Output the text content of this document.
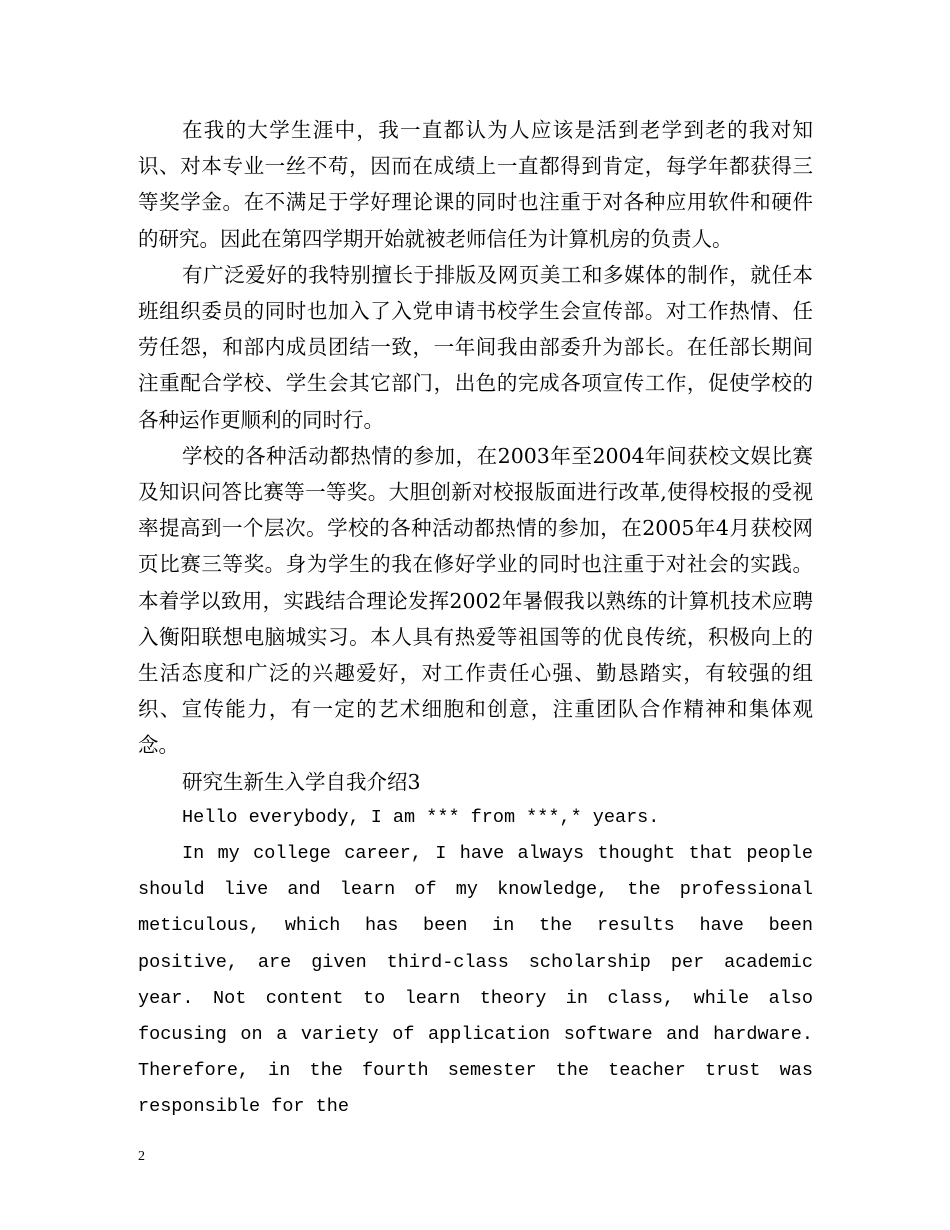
在我的大学生涯中，我一直都认为人应该是活到老学到老的我对知识、对本专业一丝不苟，因而在成绩上一直都得到肯定，每学年都获得三等奖学金。在不满足于学好理论课的同时也注重于对各种应用软件和硬件的研究。因此在第四学期开始就被老师信任为计算机房的负责人。

有广泛爱好的我特别擅长于排版及网页美工和多媒体的制作，就任本班组织委员的同时也加入了入党申请书校学生会宣传部。对工作热情、任劳任怨，和部内成员团结一致，一年间我由部委升为部长。在任部长期间注重配合学校、学生会其它部门，出色的完成各项宣传工作，促使学校的各种运作更顺利的同时行。

学校的各种活动都热情的参加，在2003年至2004年间获校文娱比赛及知识问答比赛等一等奖。大胆创新对校报版面进行改革,使得校报的受视率提高到一个层次。学校的各种活动都热情的参加，在2005年4月获校网页比赛三等奖。身为学生的我在修好学业的同时也注重于对社会的实践。本着学以致用，实践结合理论发挥2002年暑假我以熟练的计算机技术应聘入衡阳联想电脑城实习。本人具有热爱等祖国等的优良传统，积极向上的生活态度和广泛的兴趣爱好，对工作责任心强、勤恳踏实，有较强的组织、宣传能力，有一定的艺术细胞和创意，注重团队合作精神和集体观念。

研究生新生入学自我介绍3

Hello everybody, I am *** from ***,* years.

In my college career, I have always thought that people should live and learn of my knowledge, the professional meticulous, which has been in the results have been positive, are given third-class scholarship per academic year. Not content to learn theory in class, while also focusing on a variety of application software and hardware. Therefore, in the fourth semester the teacher trust was responsible for the

2
